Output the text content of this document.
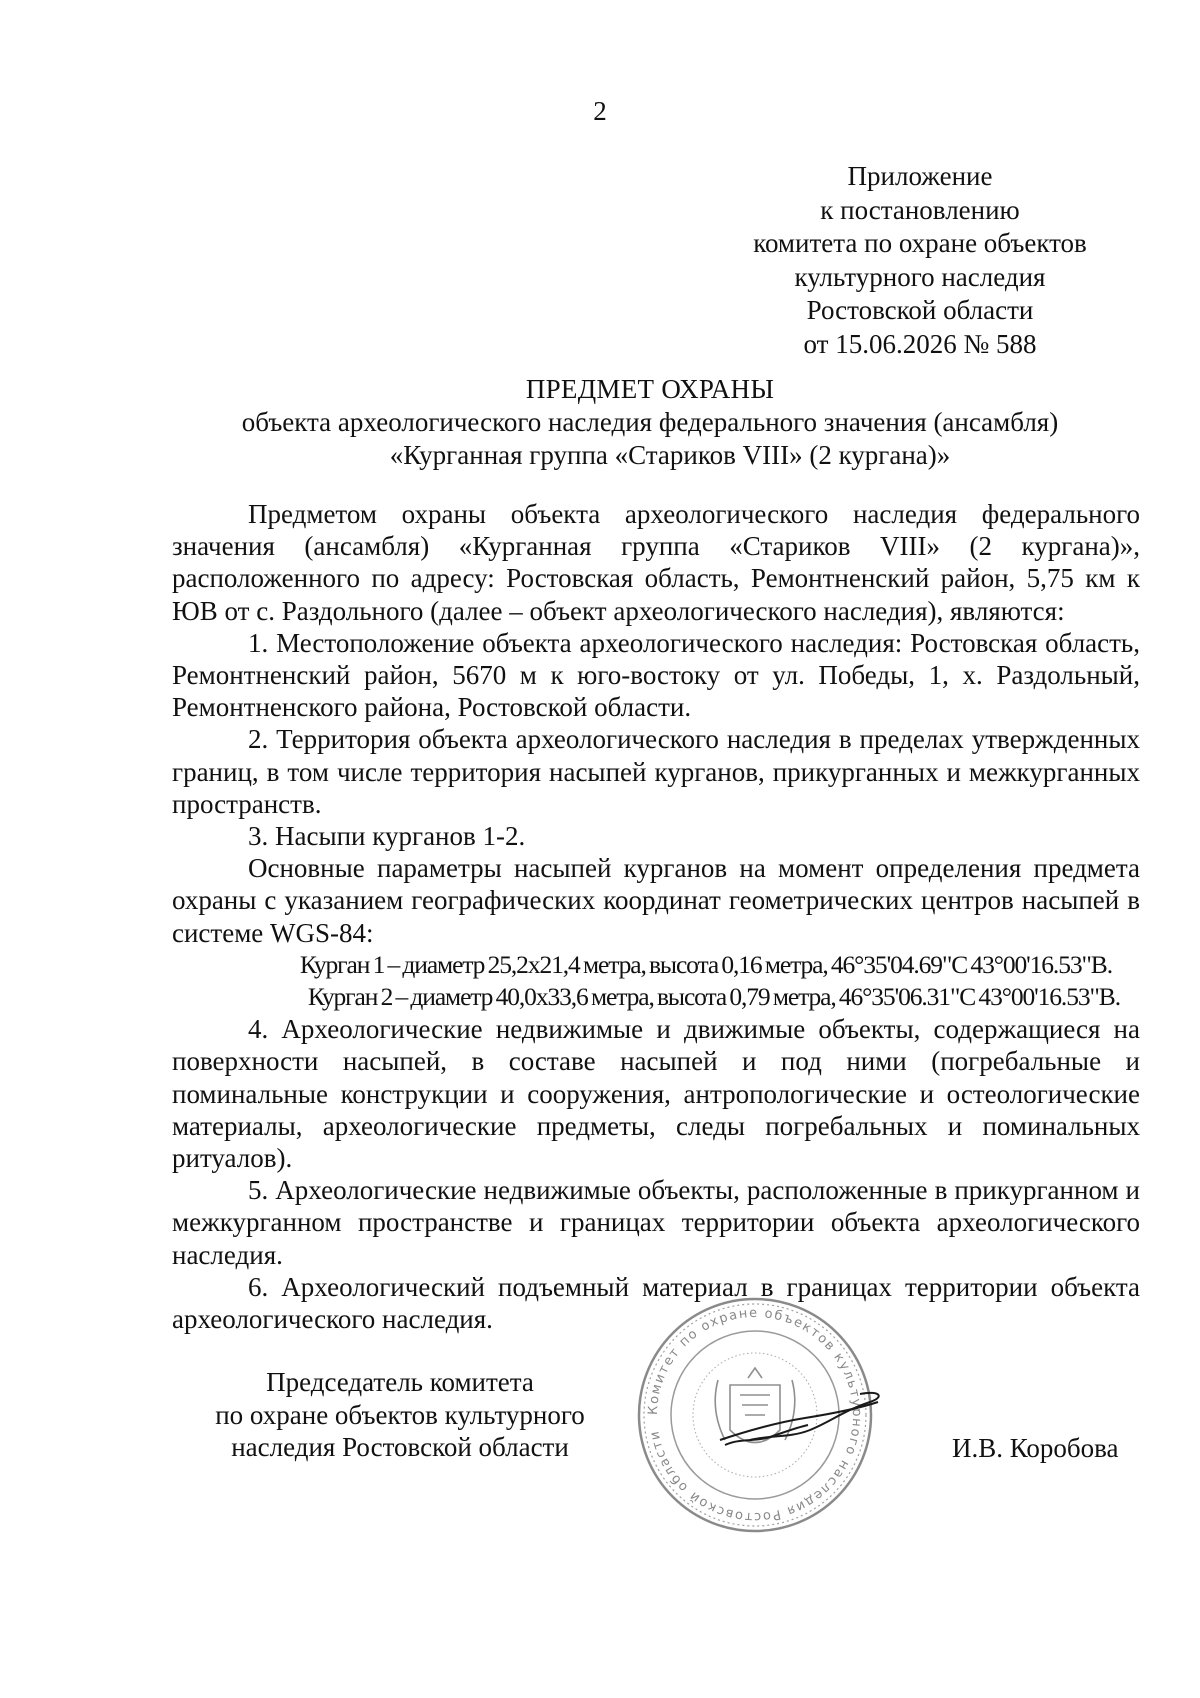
2
Приложение
к постановлению
комитета по охране объектов
культурного наследия
Ростовской области
от 15.06.2026 № 588
ПРЕДМЕТ ОХРАНЫ
объекта археологического наследия федерального значения (ансамбля)
«Курганная группа «Стариков VIII» (2 кургана)»

Предметом охраны объекта археологического наследия федерального значения (ансамбля) «Курганная группа «Стариков VIII» (2 кургана)», расположенного по адресу: Ростовская область, Ремонтненский район, 5,75 км к ЮВ от с. Раздольного (далее – объект археологического наследия), являются:

1. Местоположение объекта археологического наследия: Ростовская область, Ремонтненский район, 5670 м к юго-востоку от ул. Победы, 1, х. Раздольный, Ремонтненского района, Ростовской области.

2. Территория объекта археологического наследия в пределах утвержденных границ, в том числе территория насыпей курганов, прикурганных и межкурганных пространств.

3. Насыпи курганов 1-2.

Основные параметры насыпей курганов на момент определения предмета охраны с указанием географических координат геометрических центров насыпей в системе WGS-84:

Курган 1 – диаметр 25,2х21,4 метра, высота 0,16 метра, 46°35'04.69"С 43°00'16.53"В.

Курган 2 – диаметр 40,0х33,6 метра, высота 0,79 метра, 46°35'06.31"С 43°00'16.53"В.

4. Археологические недвижимые и движимые объекты, содержащиеся на поверхности насыпей, в составе насыпей и под ними (погребальные и поминальные конструкции и сооружения, антропологические и остеологические материалы, археологические предметы, следы погребальных и поминальных ритуалов).

5. Археологические недвижимые объекты, расположенные в прикурганном и межкурганном пространстве и границах территории объекта археологического наследия.

6. Археологический подъемный материал в границах территории объекта археологического наследия.

Председатель комитета
по охране объектов культурного
наследия Ростовской области
Комитет по охране объектов культурного наследия Ростовской области	И.В. Коробова
